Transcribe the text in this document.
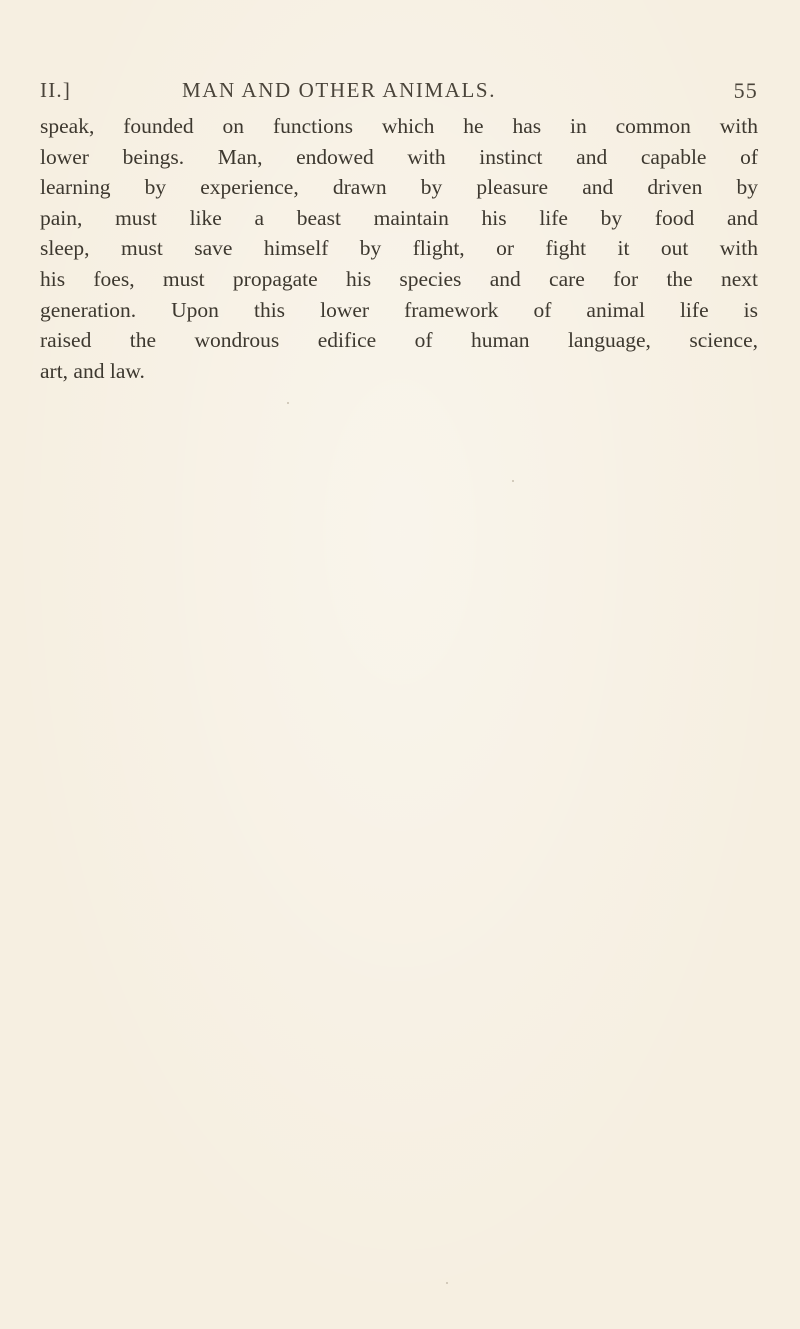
II.]	MAN AND OTHER ANIMALS.	55
speak, founded on functions which he has in common with
lower beings. Man, endowed with instinct and capable of
learning by experience, drawn by pleasure and driven by
pain, must like a beast maintain his life by food and
sleep, must save himself by flight, or fight it out with
his foes, must propagate his species and care for the next
generation. Upon this lower framework of animal life is
raised the wondrous edifice of human language, science,
art, and law.
